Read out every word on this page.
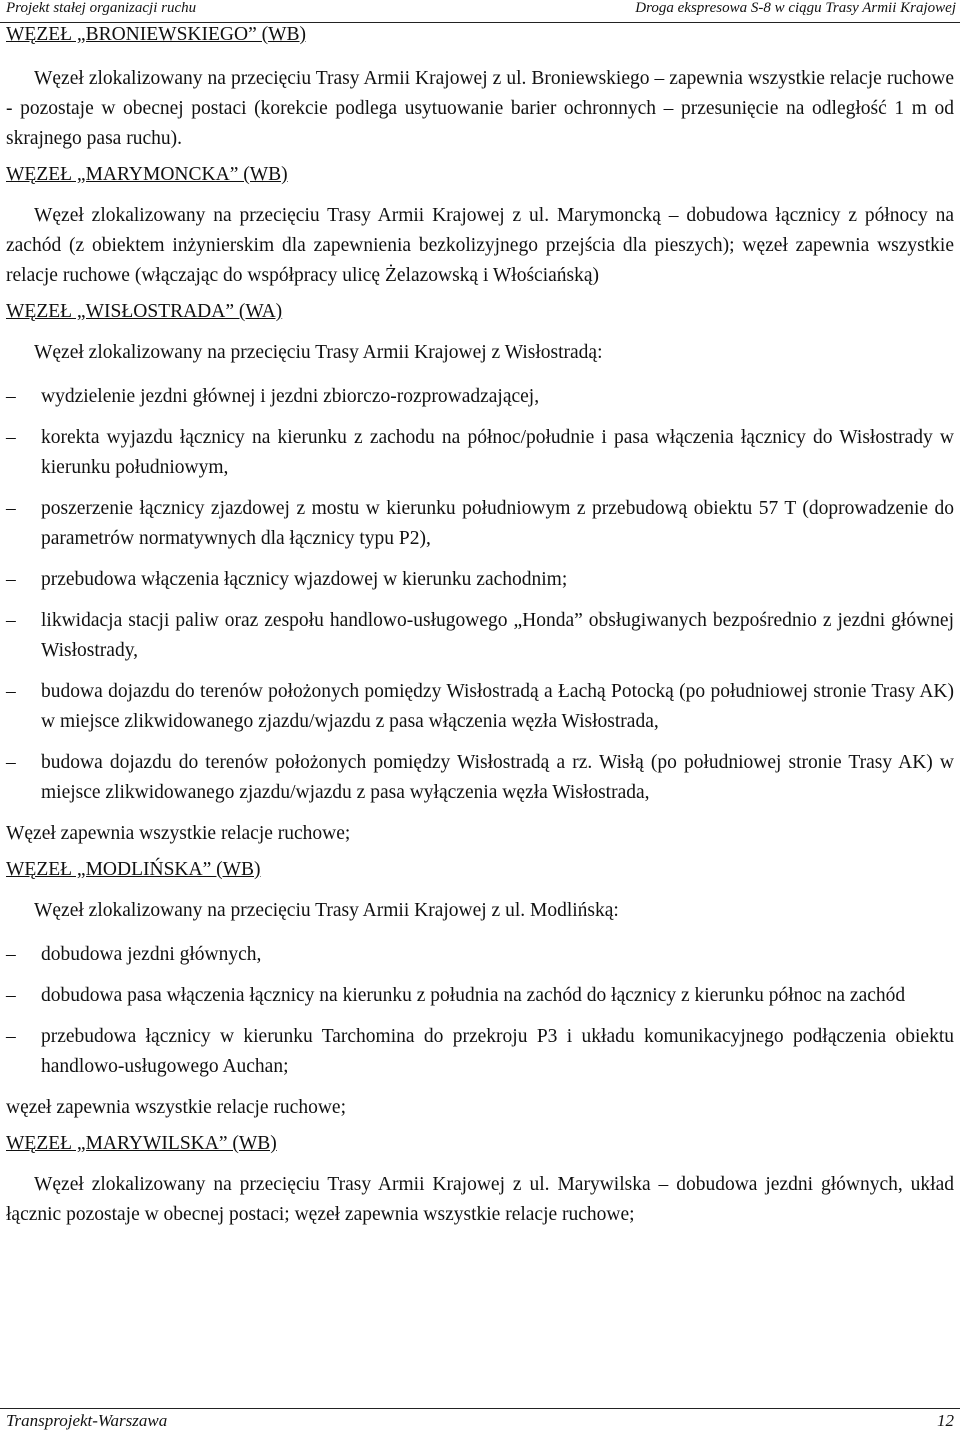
Projekt stałej organizacji ruchu	Droga ekspresowa S-8 w ciągu Trasy Armii Krajowej
WĘZEŁ „BRONIEWSKIEGO” (WB)

Węzeł zlokalizowany na przecięciu Trasy Armii Krajowej z ul. Broniewskiego – zapewnia wszystkie relacje ruchowe - pozostaje w obecnej postaci (korekcie podlega usytuowanie barier ochronnych – przesunięcie na odległość 1 m od skrajnego pasa ruchu).

WĘZEŁ „MARYMONCKA” (WB)

Węzeł zlokalizowany na przecięciu Trasy Armii Krajowej z ul. Marymoncką – dobudowa łącznicy z północy na zachód (z obiektem inżynierskim dla zapewnienia bezkolizyjnego przejścia dla pieszych); węzeł zapewnia wszystkie relacje ruchowe (włączając do współpracy ulicę Żelazowską i Włościańską)

WĘZEŁ „WISŁOSTRADA” (WA)

Węzeł zlokalizowany na przecięciu Trasy Armii Krajowej z Wisłostradą:

– wydzielenie jezdni głównej i jezdni zbiorczo-rozprowadzającej,
– korekta wyjazdu łącznicy na kierunku z zachodu na północ/południe i pasa włączenia łącznicy do Wisłostrady w kierunku południowym,
– poszerzenie łącznicy zjazdowej z mostu w kierunku południowym z przebudową obiektu 57 T (doprowadzenie do parametrów normatywnych dla łącznicy typu P2),
– przebudowa włączenia łącznicy wjazdowej w kierunku zachodnim;
– likwidacja stacji paliw oraz zespołu handlowo-usługowego „Honda” obsługiwanych bezpośrednio z jezdni głównej Wisłostrady,
– budowa dojazdu do terenów położonych pomiędzy Wisłostradą a Łachą Potocką (po południowej stronie Trasy AK) w miejsce zlikwidowanego zjazdu/wjazdu z pasa włączenia węzła Wisłostrada,
– budowa dojazdu do terenów położonych pomiędzy Wisłostradą a rz. Wisłą (po południowej stronie Trasy AK) w miejsce zlikwidowanego zjazdu/wjazdu z pasa wyłączenia węzła Wisłostrada,

Węzeł zapewnia wszystkie relacje ruchowe;

WĘZEŁ „MODLIŃSKA” (WB)

Węzeł zlokalizowany na przecięciu Trasy Armii Krajowej z ul. Modlińską:

– dobudowa jezdni głównych,
– dobudowa pasa włączenia łącznicy na kierunku z południa na zachód do łącznicy z kierunku północ na zachód
– przebudowa łącznicy w kierunku Tarchomina do przekroju P3 i układu komunikacyjnego podłączenia obiektu handlowo-usługowego Auchan;

węzeł zapewnia wszystkie relacje ruchowe;

WĘZEŁ „MARYWILSKA” (WB)

Węzeł zlokalizowany na przecięciu Trasy Armii Krajowej z ul. Marywilska – dobudowa jezdni głównych, układ łącznic pozostaje w obecnej postaci; węzeł zapewnia wszystkie relacje ruchowe;

Transprojekt-Warszawa	12
